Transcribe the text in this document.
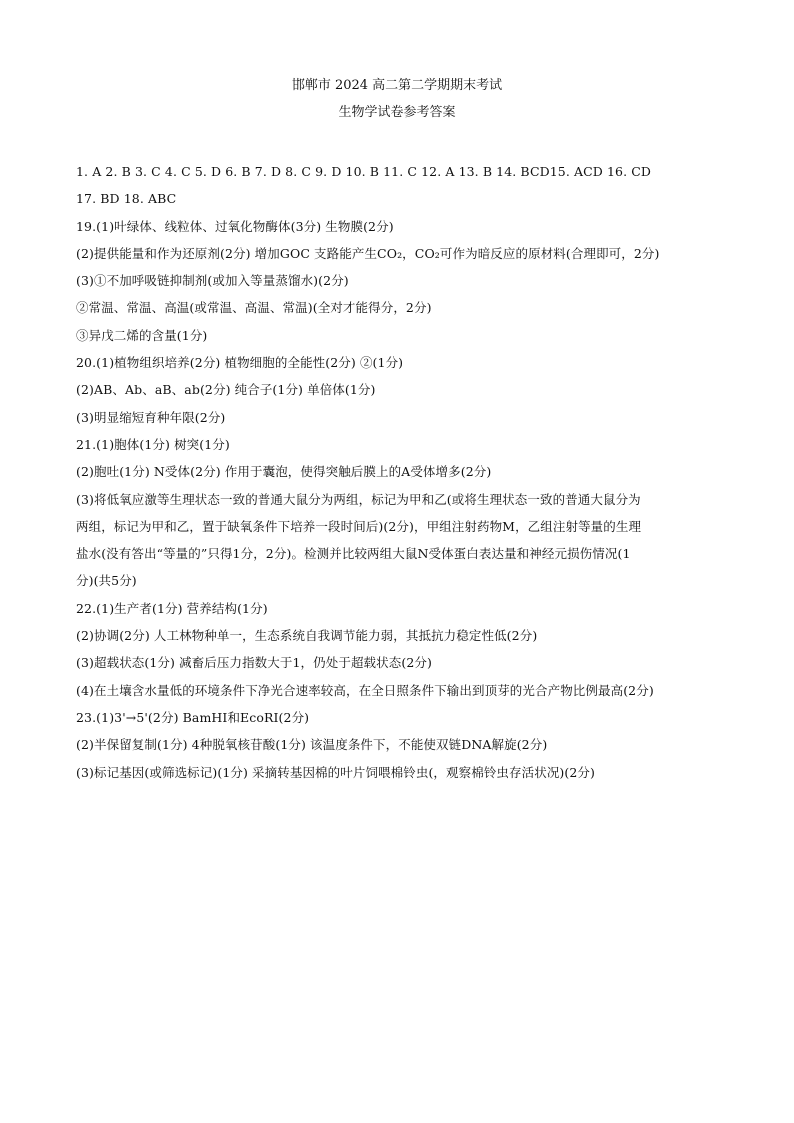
邯郸市 2024 高二第二学期期末考试
生物学试卷参考答案
1. A 2. B 3. C 4. C 5. D 6. B 7. D 8. C 9. D 10. B 11. C 12. A 13. B 14. BCD15. ACD 16. CD
17. BD 18. ABC
19.(1)叶绿体、线粒体、过氧化物酶体(3分) 生物膜(2分)
(2)提供能量和作为还原剂(2分) 增加GOC 支路能产生CO₂，CO₂可作为暗反应的原材料(合理即可，2分)
(3)①不加呼吸链抑制剂(或加入等量蒸馏水)(2分)
②常温、常温、高温(或常温、高温、常温)(全对才能得分，2分)
③异戊二烯的含量(1分)
20.(1)植物组织培养(2分) 植物细胞的全能性(2分) ②(1分)
(2)AB、Ab、aB、ab(2分) 纯合子(1分) 单倍体(1分)
(3)明显缩短育种年限(2分)
21.(1)胞体(1分) 树突(1分)
(2)胞吐(1分) N受体(2分) 作用于囊泡，使得突触后膜上的A受体增多(2分)
(3)将低氧应激等生理状态一致的普通大鼠分为两组，标记为甲和乙(或将生理状态一致的普通大鼠分为
两组，标记为甲和乙，置于缺氧条件下培养一段时间后)(2分)，甲组注射药物M，乙组注射等量的生理
盐水(没有答出“等量的”只得1分，2分)。检测并比较两组大鼠N受体蛋白表达量和神经元损伤情况(1
分)(共5分)
22.(1)生产者(1分) 营养结构(1分)
(2)协调(2分) 人工林物种单一，生态系统自我调节能力弱，其抵抗力稳定性低(2分)
(3)超载状态(1分) 减畜后压力指数大于1，仍处于超载状态(2分)
(4)在土壤含水量低的环境条件下净光合速率较高，在全日照条件下输出到顶芽的光合产物比例最高(2分)
23.(1)3'→5'(2分) BamHⅠ和EcoRⅠ(2分)
(2)半保留复制(1分) 4种脱氧核苷酸(1分) 该温度条件下，不能使双链DNA解旋(2分)
(3)标记基因(或筛选标记)(1分) 采摘转基因棉的叶片饲喂棉铃虫(，观察棉铃虫存活状况)(2分)
